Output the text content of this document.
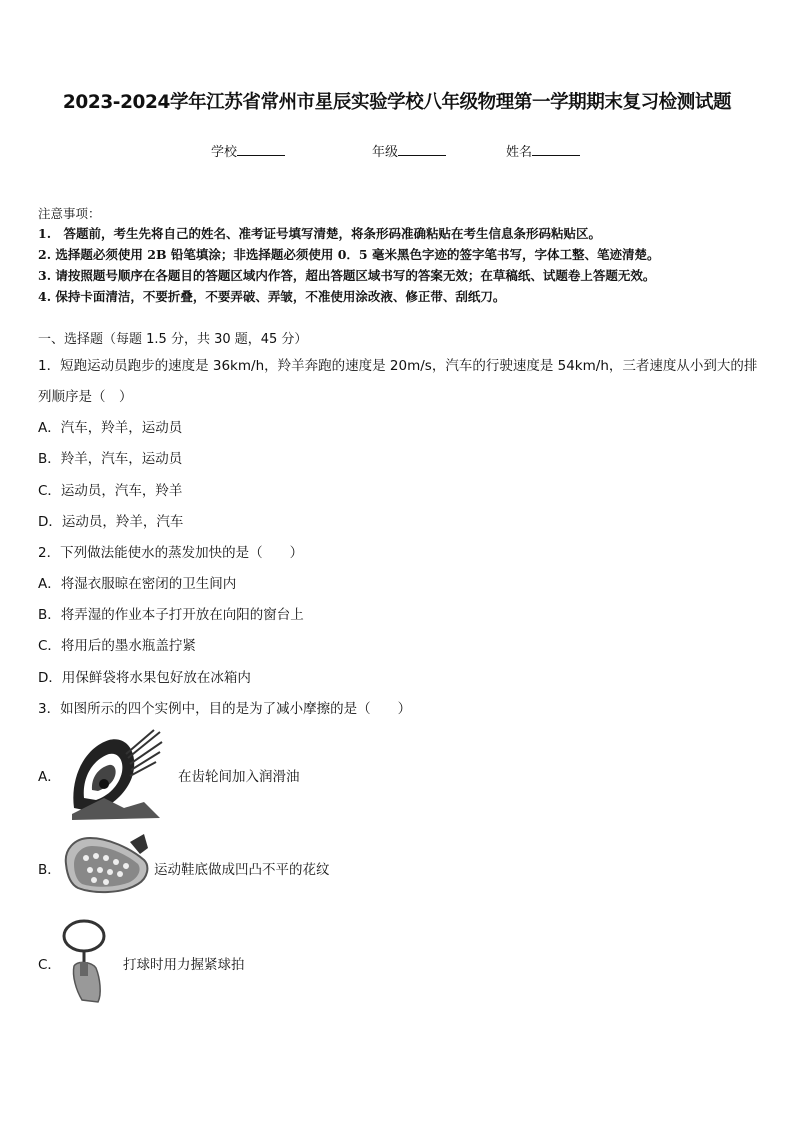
2023-2024学年江苏省常州市星辰实验学校八年级物理第一学期期末复习检测试题
学校	年级	姓名
注意事项：
1.　答题前，考生先将自己的姓名、准考证号填写清楚，将条形码准确粘贴在考生信息条形码粘贴区。
2. 选择题必须使用 2B 铅笔填涂；非选择题必须使用 0．5 毫米黑色字迹的签字笔书写，字体工整、笔迹清楚。
3. 请按照题号顺序在各题目的答题区域内作答，超出答题区域书写的答案无效；在草稿纸、试题卷上答题无效。
4. 保持卡面清洁，不要折叠，不要弄破、弄皱，不准使用涂改液、修正带、刮纸刀。
一、选择题（每题 1.5 分，共 30 题，45 分）
1．短跑运动员跑步的速度是 36km/h，羚羊奔跑的速度是 20m/s，汽车的行驶速度是 54km/h，三者速度从小到大的排
列顺序是（　）
A．汽车，羚羊，运动员
B．羚羊，汽车，运动员
C．运动员，汽车，羚羊
D．运动员，羚羊，汽车
2．下列做法能使水的蒸发加快的是（　　）
A．将湿衣服晾在密闭的卫生间内
B．将弄湿的作业本子打开放在向阳的窗台上
C．将用后的墨水瓶盖拧紧
D．用保鲜袋将水果包好放在冰箱内
3．如图所示的四个实例中，目的是为了减小摩擦的是（　　）
A．	在齿轮间加入润滑油
B．	运动鞋底做成凹凸不平的花纹
C．	打球时用力握紧球拍
